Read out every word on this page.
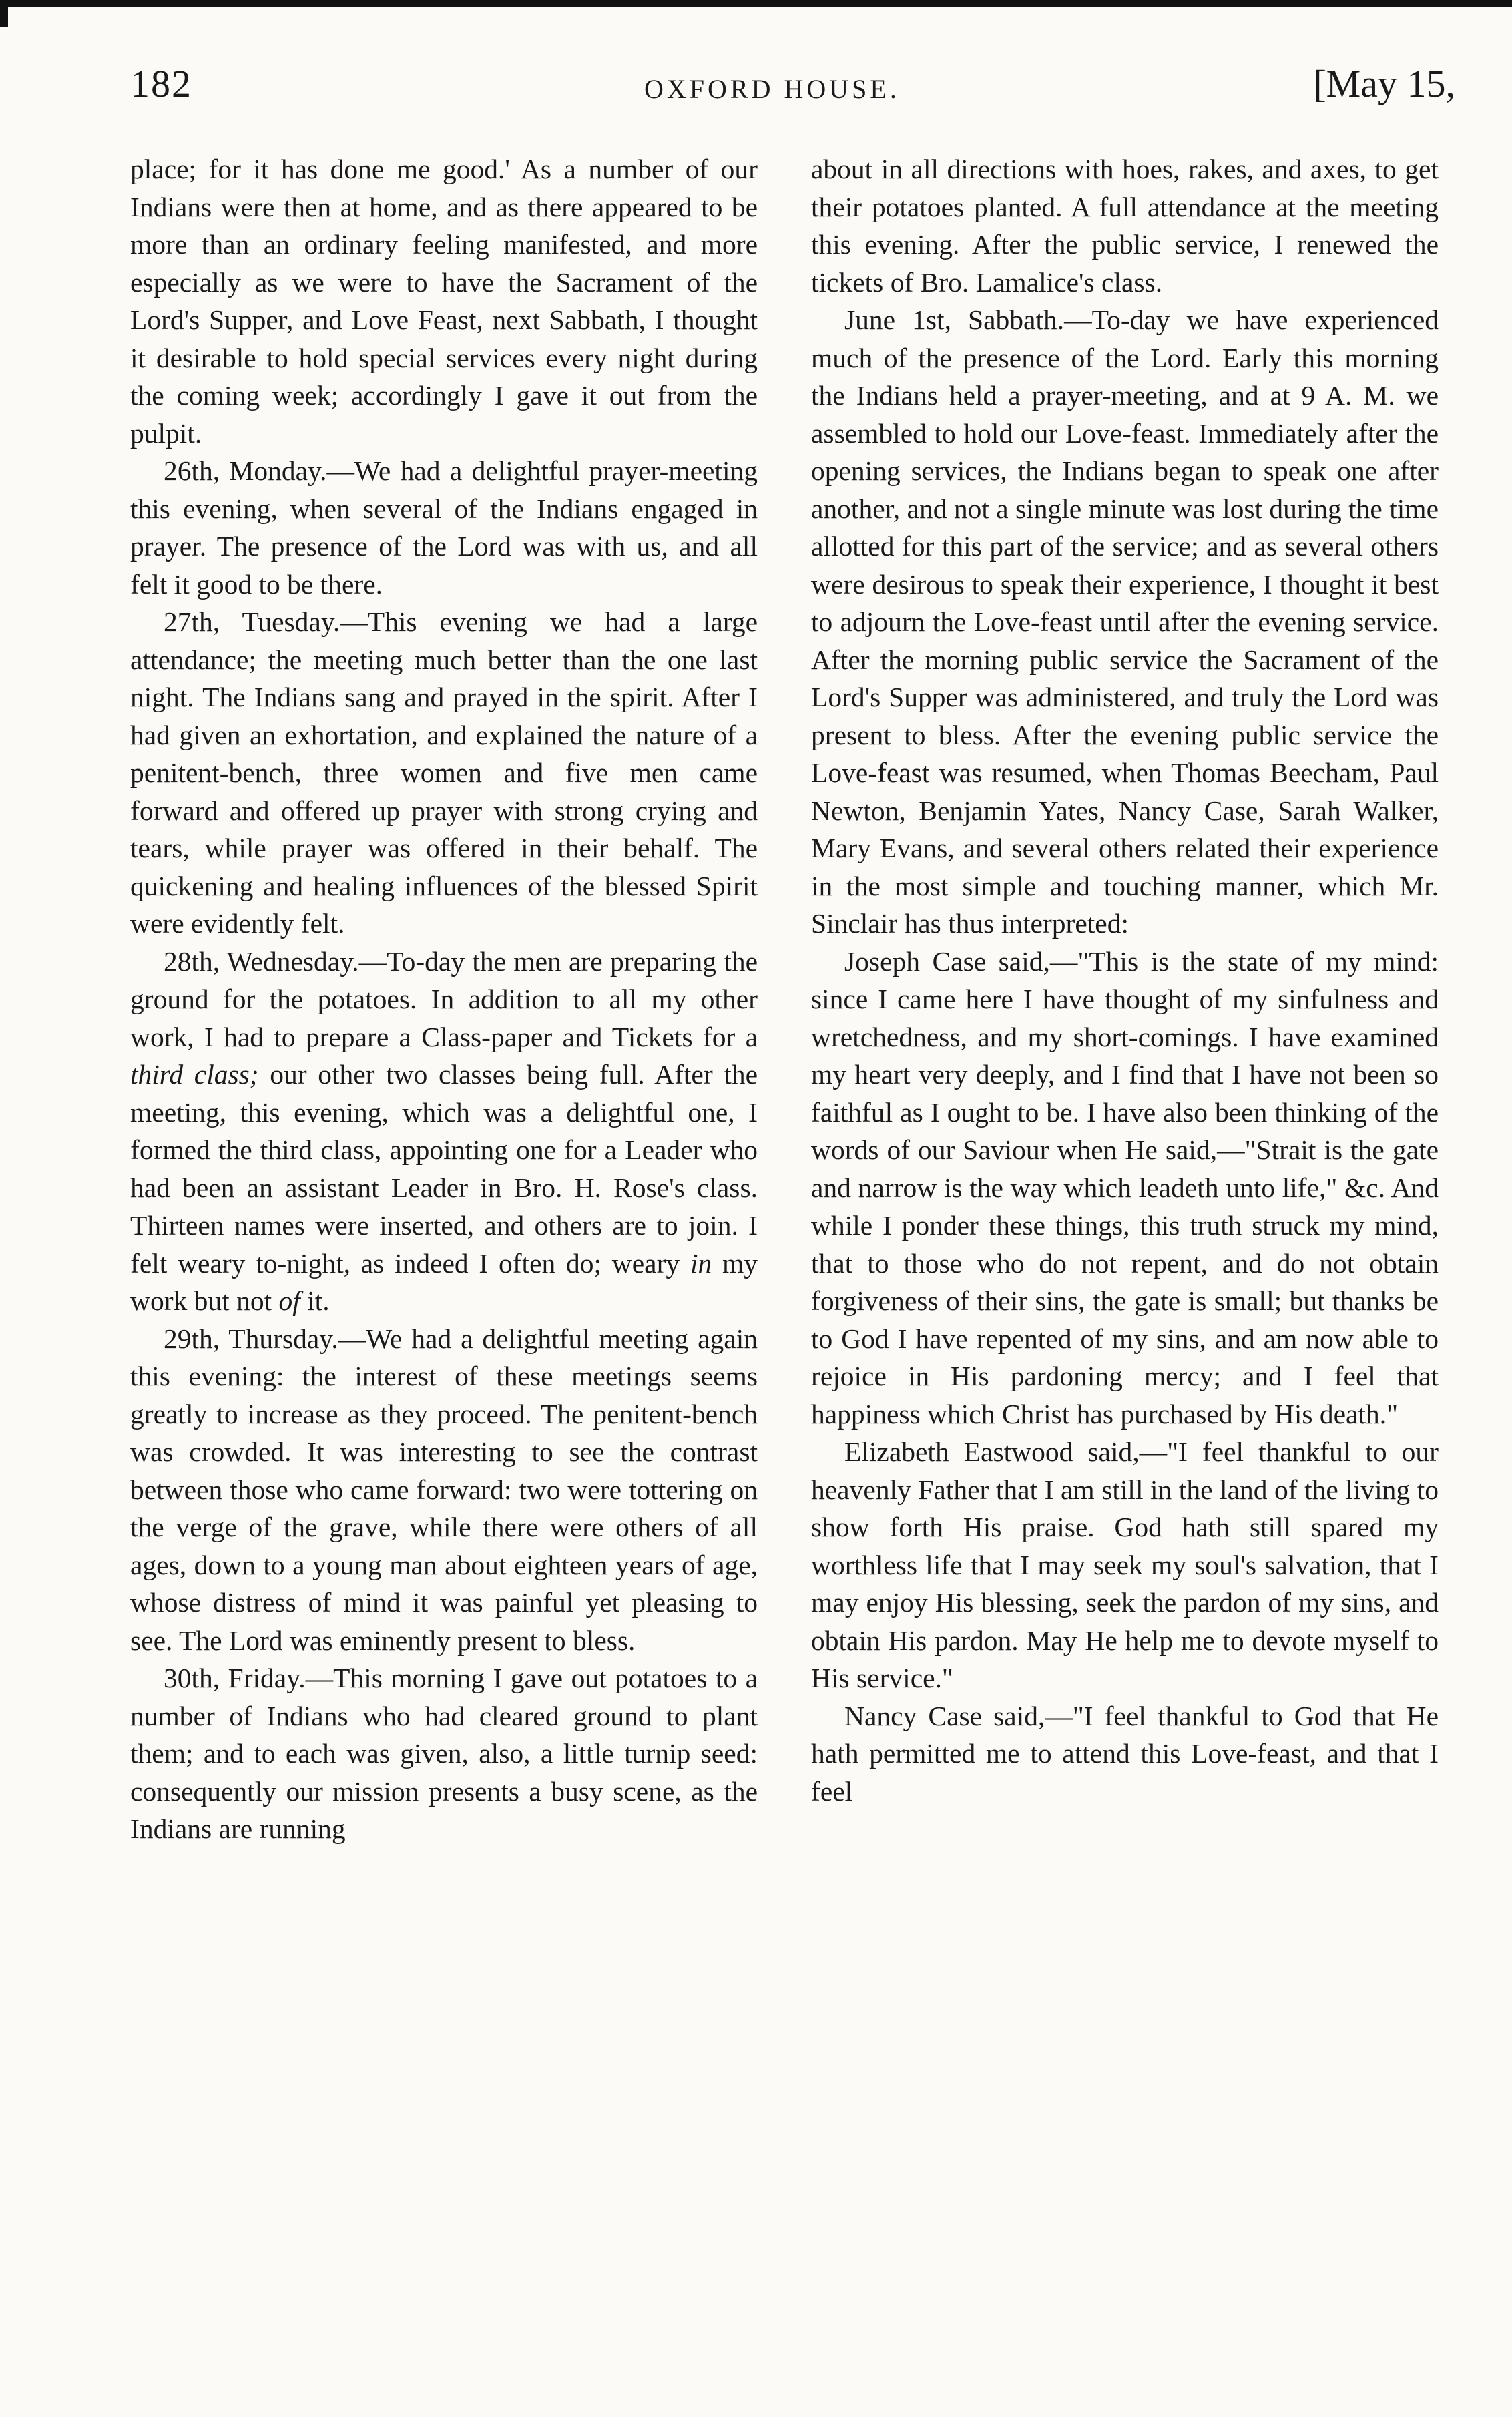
182	OXFORD HOUSE.	[May 15,

place; for it has done me good.' As a number of our Indians were then at home, and as there appeared to be more than an ordinary feeling manifested, and more especially as we were to have the Sacrament of the Lord's Supper, and Love Feast, next Sabbath, I thought it desirable to hold special services every night during the coming week; accordingly I gave it out from the pulpit.

26th, Monday.—We had a delightful prayer-meeting this evening, when several of the Indians engaged in prayer. The presence of the Lord was with us, and all felt it good to be there.

27th, Tuesday.—This evening we had a large attendance; the meeting much better than the one last night. The Indians sang and prayed in the spirit. After I had given an exhortation, and explained the nature of a penitent-bench, three women and five men came forward and offered up prayer with strong crying and tears, while prayer was offered in their behalf. The quickening and healing influences of the blessed Spirit were evidently felt.

28th, Wednesday.—To-day the men are preparing the ground for the potatoes. In addition to all my other work, I had to prepare a Class-paper and Tickets for a third class; our other two classes being full. After the meeting, this evening, which was a delightful one, I formed the third class, appointing one for a Leader who had been an assistant Leader in Bro. H. Rose's class. Thirteen names were inserted, and others are to join. I felt weary to-night, as indeed I often do; weary in my work but not of it.

29th, Thursday.—We had a delightful meeting again this evening: the interest of these meetings seems greatly to increase as they proceed. The penitent-bench was crowded. It was interesting to see the contrast between those who came forward: two were tottering on the verge of the grave, while there were others of all ages, down to a young man about eighteen years of age, whose distress of mind it was painful yet pleasing to see. The Lord was eminently present to bless.

30th, Friday.—This morning I gave out potatoes to a number of Indians who had cleared ground to plant them; and to each was given, also, a little turnip seed: consequently our mission presents a busy scene, as the Indians are running

about in all directions with hoes, rakes, and axes, to get their potatoes planted. A full attendance at the meeting this evening. After the public service, I renewed the tickets of Bro. Lamalice's class.

June 1st, Sabbath.—To-day we have experienced much of the presence of the Lord. Early this morning the Indians held a prayer-meeting, and at 9 A. M. we assembled to hold our Love-feast. Immediately after the opening services, the Indians began to speak one after another, and not a single minute was lost during the time allotted for this part of the service; and as several others were desirous to speak their experience, I thought it best to adjourn the Love-feast until after the evening service. After the morning public service the Sacrament of the Lord's Supper was administered, and truly the Lord was present to bless. After the evening public service the Love-feast was resumed, when Thomas Beecham, Paul Newton, Benjamin Yates, Nancy Case, Sarah Walker, Mary Evans, and several others related their experience in the most simple and touching manner, which Mr. Sinclair has thus interpreted:

Joseph Case said,—"This is the state of my mind: since I came here I have thought of my sinfulness and wretchedness, and my short-comings. I have examined my heart very deeply, and I find that I have not been so faithful as I ought to be. I have also been thinking of the words of our Saviour when He said,—"Strait is the gate and narrow is the way which leadeth unto life," &c. And while I ponder these things, this truth struck my mind, that to those who do not repent, and do not obtain forgiveness of their sins, the gate is small; but thanks be to God I have repented of my sins, and am now able to rejoice in His pardoning mercy; and I feel that happiness which Christ has purchased by His death."

Elizabeth Eastwood said,—"I feel thankful to our heavenly Father that I am still in the land of the living to show forth His praise. God hath still spared my worthless life that I may seek my soul's salvation, that I may enjoy His blessing, seek the pardon of my sins, and obtain His pardon. May He help me to devote myself to His service."

Nancy Case said,—"I feel thankful to God that He hath permitted me to attend this Love-feast, and that I feel
